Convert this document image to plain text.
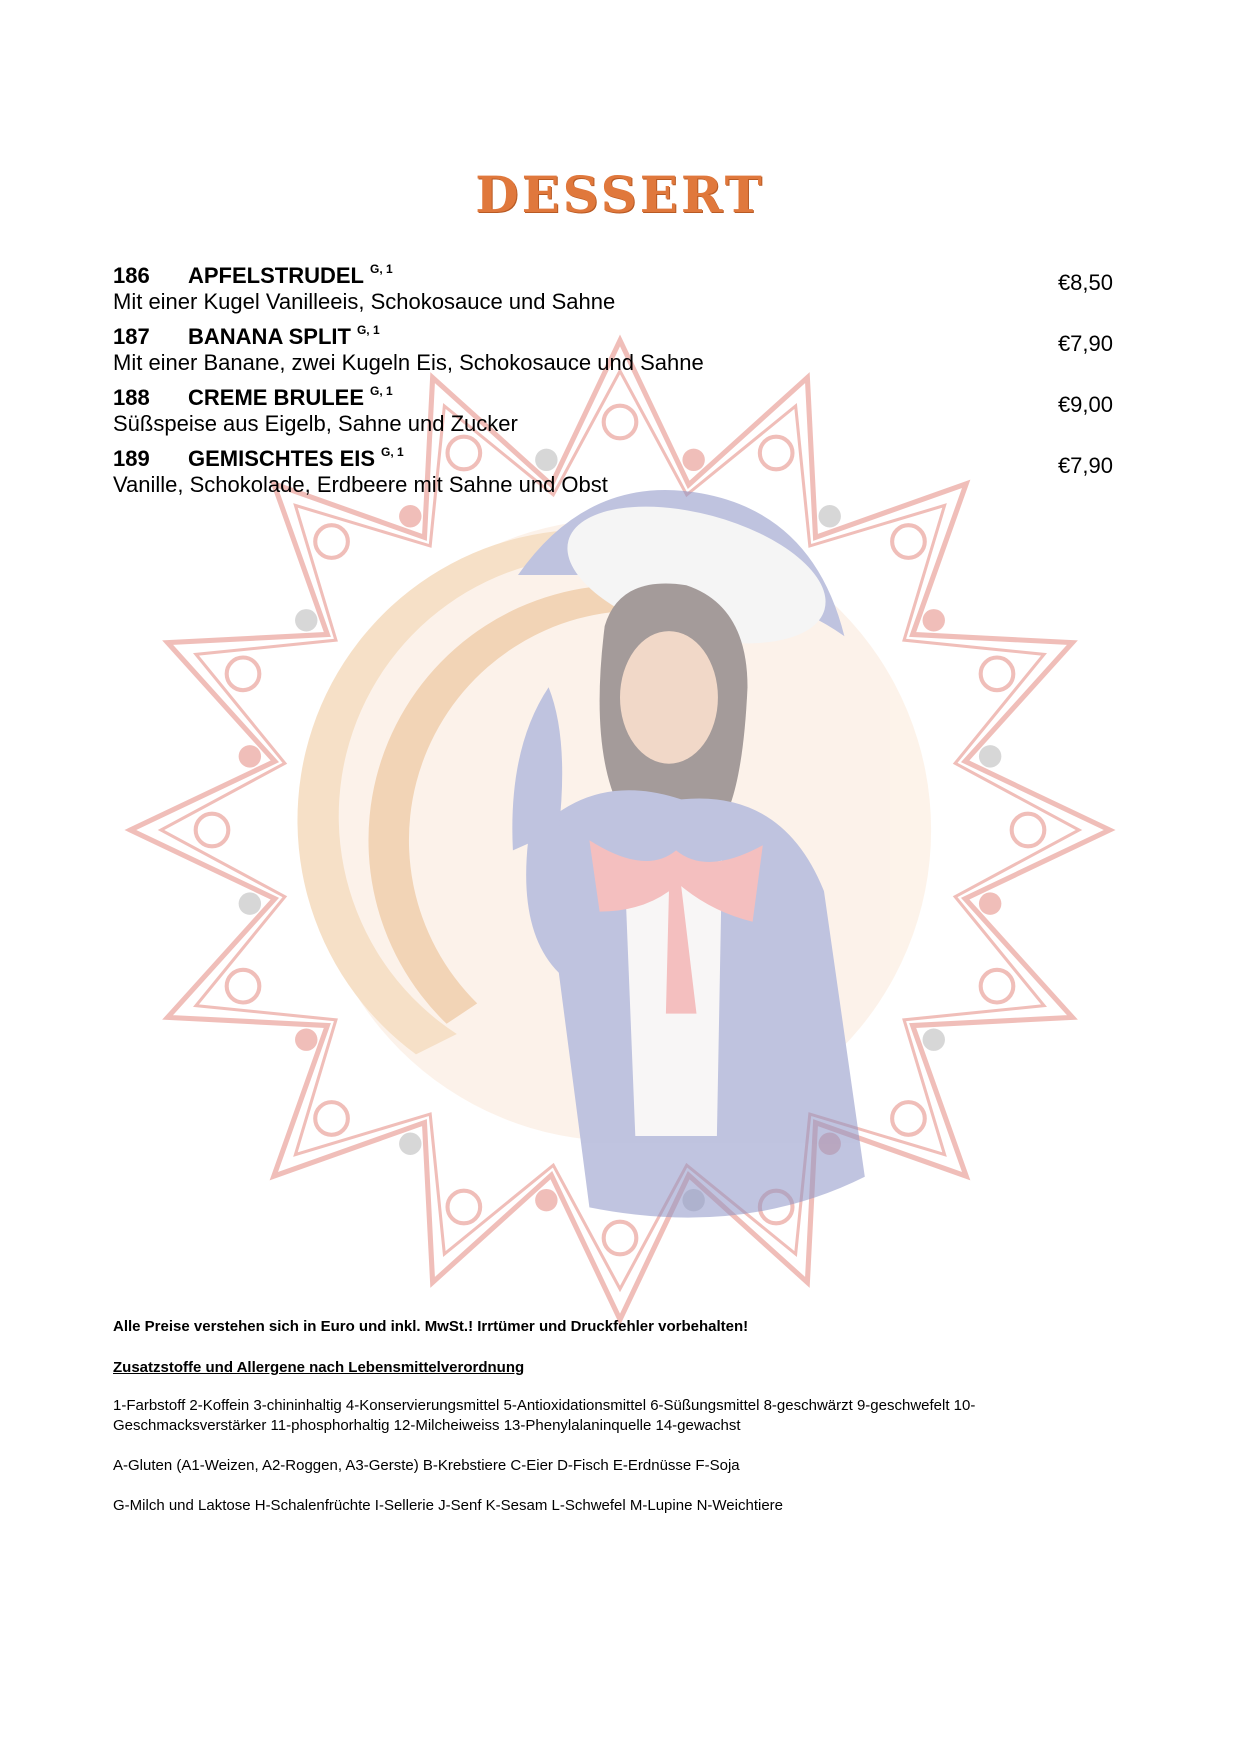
DESSERT
186 APFELSTRUDEL $^{G, 1}$
Mit einer Kugel Vanilleeis, Schokosauce und Sahne
€8,50
187 BANANA SPLIT $^{G, 1}$
Mit einer Banane, zwei Kugeln Eis, Schokosauce und Sahne
€7,90
188 CREME BRULEE $^{G, 1}$
Süßspeise aus Eigelb, Sahne und Zucker
€9,00
189 GEMISCHTES EIS $^{G, 1}$
Vanille, Schokolade, Erdbeere mit Sahne und Obst
€7,90

Alle Preise verstehen sich in Euro und inkl. MwSt.! Irrtümer und Druckfehler vorbehalten!

Zusatzstoffe und Allergene nach Lebensmittelverordnung

1-Farbstoff 2-Koffein 3-chininhaltig 4-Konservierungsmittel 5-Antioxidationsmittel 6-Süßungsmittel 8-geschwärzt 9-geschwefelt 10-Geschmacksverstärker 11-phosphorhaltig 12-Milcheiweiss 13-Phenylalaninquelle 14-gewachst

A-Gluten (A1-Weizen, A2-Roggen, A3-Gerste) B-Krebstiere C-Eier D-Fisch E-Erdnüsse F-Soja

G-Milch und Laktose H-Schalenfrüchte I-Sellerie J-Senf K-Sesam L-Schwefel M-Lupine N-Weichtiere
